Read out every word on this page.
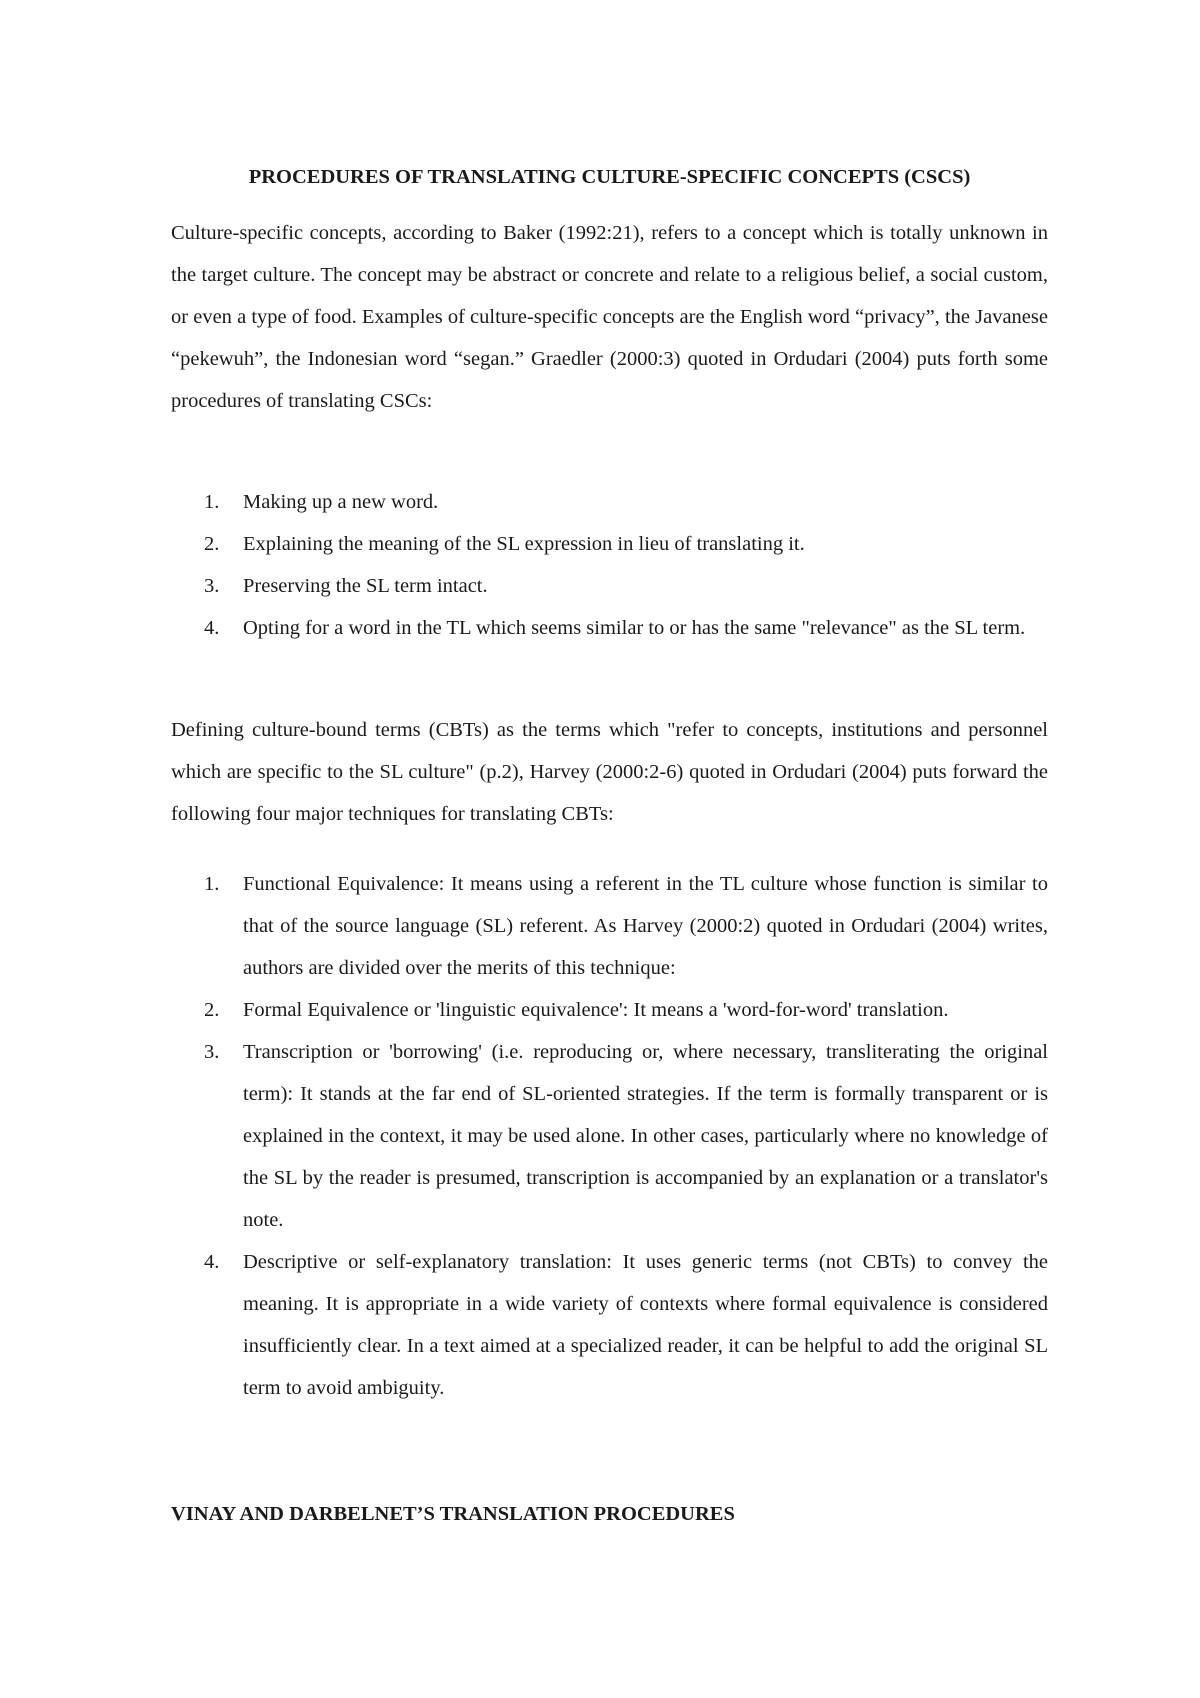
PROCEDURES OF TRANSLATING CULTURE-SPECIFIC CONCEPTS (CSCS)

Culture-specific concepts, according to Baker (1992:21), refers to a concept which is totally unknown in the target culture. The concept may be abstract or concrete and relate to a religious belief, a social custom, or even a type of food. Examples of culture-specific concepts are the English word “privacy”, the Javanese “pekewuh”, the Indonesian word “segan.” Graedler (2000:3) quoted in Ordudari (2004) puts forth some procedures of translating CSCs:

1. Making up a new word.
2. Explaining the meaning of the SL expression in lieu of translating it.
3. Preserving the SL term intact.
4. Opting for a word in the TL which seems similar to or has the same "relevance" as the SL term.

Defining culture-bound terms (CBTs) as the terms which "refer to concepts, institutions and personnel which are specific to the SL culture" (p.2), Harvey (2000:2-6) quoted in Ordudari (2004) puts forward the following four major techniques for translating CBTs:

1. Functional Equivalence: It means using a referent in the TL culture whose function is similar to that of the source language (SL) referent. As Harvey (2000:2) quoted in Ordudari (2004) writes, authors are divided over the merits of this technique:
2. Formal Equivalence or 'linguistic equivalence': It means a 'word-for-word' translation.
3. Transcription or 'borrowing' (i.e. reproducing or, where necessary, transliterating the original term): It stands at the far end of SL-oriented strategies. If the term is formally transparent or is explained in the context, it may be used alone. In other cases, particularly where no knowledge of the SL by the reader is presumed, transcription is accompanied by an explanation or a translator's note.
4. Descriptive or self-explanatory translation: It uses generic terms (not CBTs) to convey the meaning. It is appropriate in a wide variety of contexts where formal equivalence is considered insufficiently clear. In a text aimed at a specialized reader, it can be helpful to add the original SL term to avoid ambiguity.
VINAY AND DARBELNET’S TRANSLATION PROCEDURES
